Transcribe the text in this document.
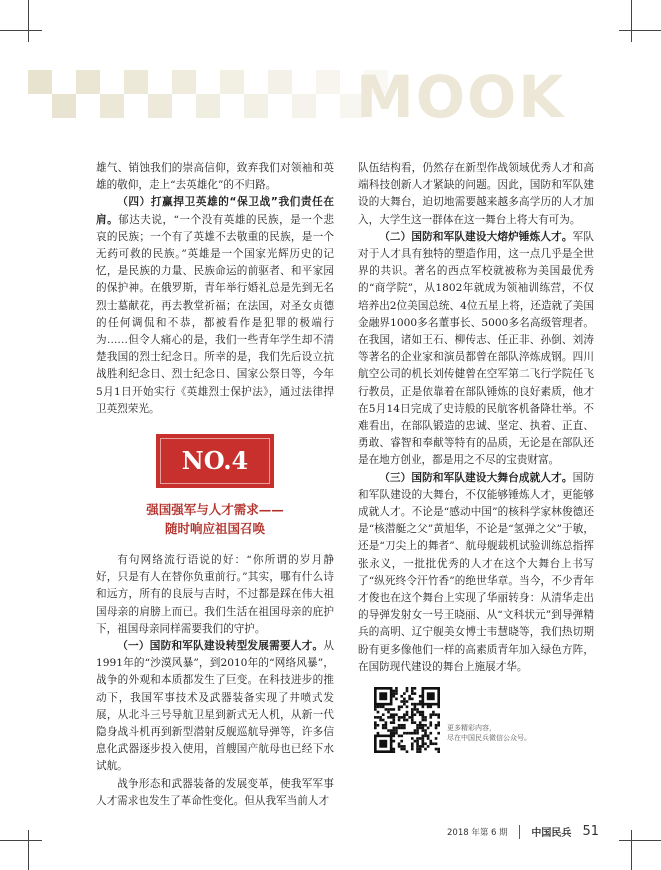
MOOK

雄气、销蚀我们的崇高信仰，致弃我们对领袖和英雄的敬仰，走上“去英雄化”的不归路。

（四）打赢捍卫英雄的“保卫战”我们责任在肩。郁达夫说，“一个没有英雄的民族，是一个悲哀的民族；一个有了英雄不去敬重的民族，是一个无药可救的民族。”英雄是一个国家光辉历史的记忆，是民族的力量、民族命运的前驱者、和平家园的保护神。在俄罗斯，青年举行婚礼总是先到无名烈士墓献花，再去教堂祈福；在法国，对圣女贞德的任何调侃和不恭，都被看作是犯罪的极端行为……但令人痛心的是，我们一些青年学生却不清楚我国的烈士纪念日。所幸的是，我们先后设立抗战胜利纪念日、烈士纪念日、国家公祭日等，今年5月1日开始实行《英雄烈士保护法》，通过法律捍卫英烈荣光。

NO.4
强国强军与人才需求——
随时响应祖国召唤

有句网络流行语说的好：“你所谓的岁月静好，只是有人在替你负重前行。”其实，哪有什么诗和远方，所有的良辰与吉时，不过都是踩在伟大祖国母亲的肩膀上而已。我们生活在祖国母亲的庇护下，祖国母亲同样需要我们的守护。

（一）国防和军队建设转型发展需要人才。从1991年的“沙漠风暴”，到2010年的“网络风暴”，战争的外观和本质都发生了巨变。在科技进步的推动下，我国军事技术及武器装备实现了井喷式发展，从北斗三号导航卫星到新式无人机，从新一代隐身战斗机再到新型潜射反舰巡航导弹等，许多信息化武器逐步投入使用，首艘国产航母也已经下水试航。

战争形态和武器装备的发展变革，使我军军事人才需求也发生了革命性变化。但从我军当前人才

队伍结构看，仍然存在新型作战领域优秀人才和高端科技创新人才紧缺的问题。因此，国防和军队建设的大舞台，迫切地需要越来越多高学历的人才加入，大学生这一群体在这一舞台上将大有可为。

（二）国防和军队建设大熔炉锤炼人才。军队对于人才具有独特的塑造作用，这一点几乎是全世界的共识。著名的西点军校就被称为美国最优秀的“商学院”，从1802年就成为领袖训练营，不仅培养出2位美国总统、4位五星上将，还造就了美国金融界1000多名董事长、5000多名高级管理者。在我国，诸如王石、柳传志、任正非、孙倒、刘涛等著名的企业家和演员都曾在部队淬炼成钢。四川航空公司的机长刘传健曾在空军第二飞行学院任飞行教员，正是依靠着在部队锤炼的良好素质，他才在5月14日完成了史诗般的民航客机备降壮举。不难看出，在部队锻造的忠诚、坚定、执着、正直、勇敢、睿智和奉献等特有的品质，无论是在部队还是在地方创业，都是用之不尽的宝贵财富。

（三）国防和军队建设大舞台成就人才。国防和军队建设的大舞台，不仅能够锤炼人才，更能够成就人才。不论是“感动中国”的核科学家林俊德还是“核潜艇之父”黄旭华，不论是“氢弹之父”于敏，还是“刀尖上的舞者”、航母舰载机试验训练总指挥张永义，一批批优秀的人才在这个大舞台上书写了“纵死终令汗竹香”的绝世华章。当今，不少青年才俊也在这个舞台上实现了华丽转身：从清华走出的导弹发射女一号王晓丽、从“文科状元”到导弹精兵的高明、辽宁舰美女博士韦慧晓等，我们热切期盼有更多像他们一样的高素质青年加入绿色方阵，在国防现代建设的舞台上施展才华。

更多精彩内容，
尽在中国民兵微信公众号。
2018 年第 6 期 中国民兵 51
